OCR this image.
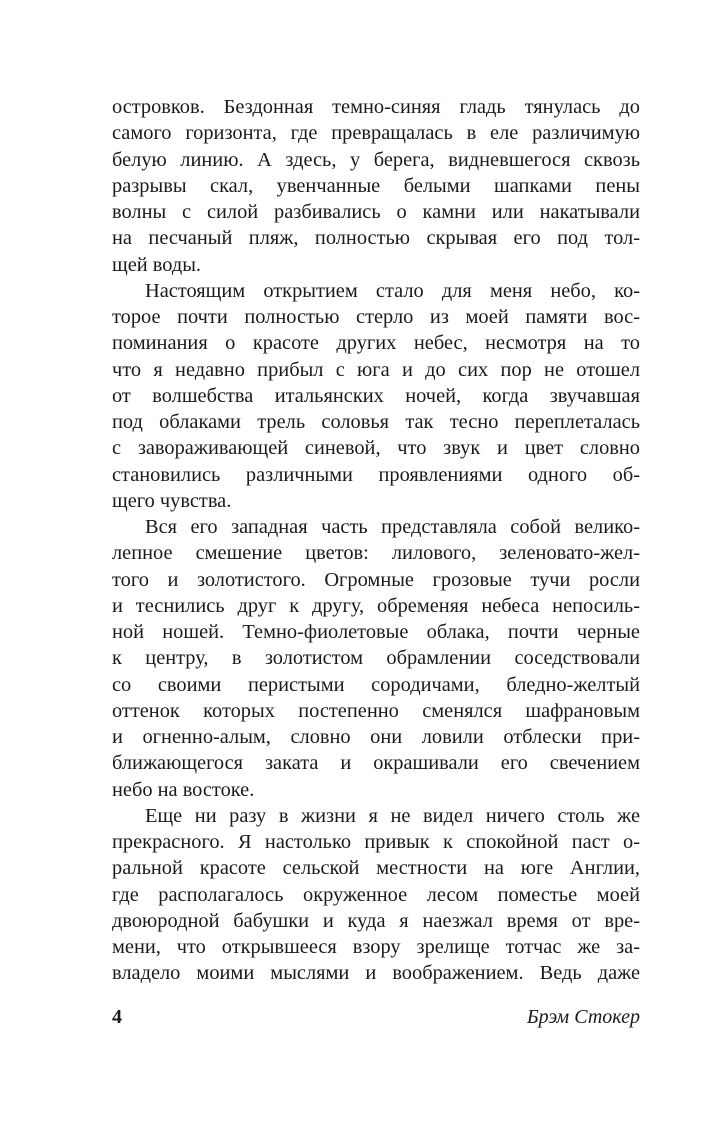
островков. Бездонная темно-синяя гладь тянулась до
самого горизонта, где превращалась в еле различимую
белую линию. А здесь, у берега, видневшегося сквозь
разрывы скал, увенчанные белыми шапками пены
волны с силой разбивались о камни или накатывали
на песчаный пляж, полностью скрывая его под тол-
щей воды.
Настоящим открытием стало для меня небо, ко-
торое почти полностью стерло из моей памяти вос-
поминания о красоте других небес, несмотря на то
что я недавно прибыл с юга и до сих пор не отошел
от волшебства итальянских ночей, когда звучавшая
под облаками трель соловья так тесно переплеталась
с завораживающей синевой, что звук и цвет словно
становились различными проявлениями одного об-
щего чувства.
Вся его западная часть представляла собой велико-
лепное смешение цветов: лилового, зеленовато-жел-
того и золотистого. Огромные грозовые тучи росли
и теснились друг к другу, обременяя небеса непосиль-
ной ношей. Темно-фиолетовые облака, почти черные
к центру, в золотистом обрамлении соседствовали
со своими перистыми сородичами, бледно-желтый
оттенок которых постепенно сменялся шафрановым
и огненно-алым, словно они ловили отблески при-
ближающегося заката и окрашивали его свечением
небо на востоке.
Еще ни разу в жизни я не видел ничего столь же
прекрасного. Я настолько привык к спокойной паст о-
ральной красоте сельской местности на юге Англии,
где располагалось окруженное лесом поместье моей
двоюродной бабушки и куда я наезжал время от вре-
мени, что открывшееся взору зрелище тотчас же за-
владело моими мыслями и воображением. Ведь даже
4	Брэм Стокер
